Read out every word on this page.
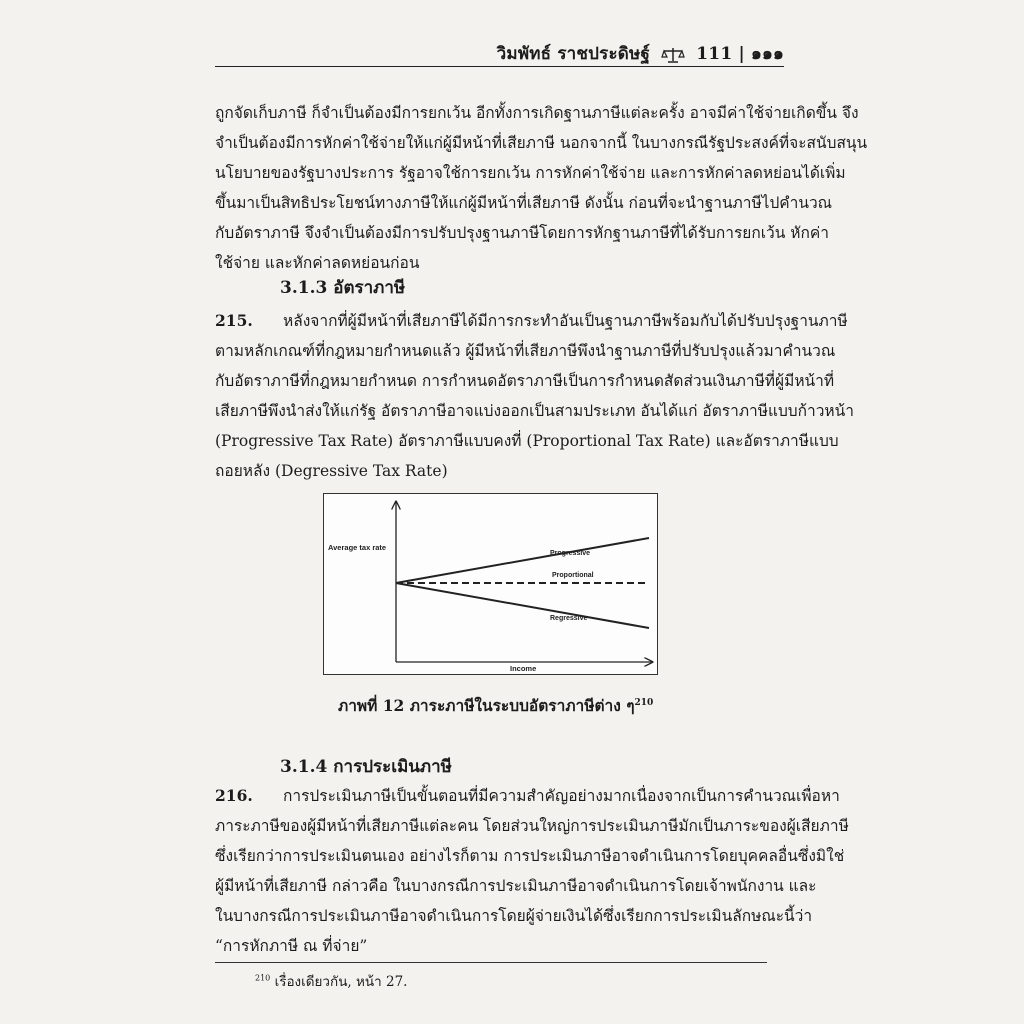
วิมพัทธ์ ราชประดิษฐ์	111 | ๑๑๑
ถูกจัดเก็บภาษี ก็จำเป็นต้องมีการยกเว้น อีกทั้งการเกิดฐานภาษีแต่ละครั้ง อาจมีค่าใช้จ่ายเกิดขึ้น จึง
จำเป็นต้องมีการหักค่าใช้จ่ายให้แก่ผู้มีหน้าที่เสียภาษี นอกจากนี้ ในบางกรณีรัฐประสงค์ที่จะสนับสนุน
นโยบายของรัฐบางประการ รัฐอาจใช้การยกเว้น การหักค่าใช้จ่าย และการหักค่าลดหย่อนได้เพิ่ม
ขึ้นมาเป็นสิทธิประโยชน์ทางภาษีให้แก่ผู้มีหน้าที่เสียภาษี ดังนั้น ก่อนที่จะนำฐานภาษีไปคำนวณ
กับอัตราภาษี จึงจำเป็นต้องมีการปรับปรุงฐานภาษีโดยการหักฐานภาษีที่ได้รับการยกเว้น หักค่า
ใช้จ่าย และหักค่าลดหย่อนก่อน
3.1.3 อัตราภาษี
215. หลังจากที่ผู้มีหน้าที่เสียภาษีได้มีการกระทำอันเป็นฐานภาษีพร้อมกับได้ปรับปรุงฐานภาษี
ตามหลักเกณฑ์ที่กฎหมายกำหนดแล้ว ผู้มีหน้าที่เสียภาษีพึงนำฐานภาษีที่ปรับปรุงแล้วมาคำนวณ
กับอัตราภาษีที่กฎหมายกำหนด การกำหนดอัตราภาษีเป็นการกำหนดสัดส่วนเงินภาษีที่ผู้มีหน้าที่
เสียภาษีพึงนำส่งให้แก่รัฐ อัตราภาษีอาจแบ่งออกเป็นสามประเภท อันได้แก่ อัตราภาษีแบบก้าวหน้า
(Progressive Tax Rate) อัตราภาษีแบบคงที่ (Proportional Tax Rate) และอัตราภาษีแบบ
ถอยหลัง (Degressive Tax Rate)
Average tax rate
Progressive
Proportional
Regressive
Income
ภาพที่ 12 ภาระภาษีในระบบอัตราภาษีต่าง ๆ$^{210}$
3.1.4 การประเมินภาษี
216. การประเมินภาษีเป็นขั้นตอนที่มีความสำคัญอย่างมากเนื่องจากเป็นการคำนวณเพื่อหา
ภาระภาษีของผู้มีหน้าที่เสียภาษีแต่ละคน โดยส่วนใหญ่การประเมินภาษีมักเป็นภาระของผู้เสียภาษี
ซึ่งเรียกว่าการประเมินตนเอง อย่างไรก็ตาม การประเมินภาษีอาจดำเนินการโดยบุคคลอื่นซึ่งมิใช่
ผู้มีหน้าที่เสียภาษี กล่าวคือ ในบางกรณีการประเมินภาษีอาจดำเนินการโดยเจ้าพนักงาน และ
ในบางกรณีการประเมินภาษีอาจดำเนินการโดยผู้จ่ายเงินได้ซึ่งเรียกการประเมินลักษณะนี้ว่า
“การหักภาษี ณ ที่จ่าย”
$^{210}$ เรื่องเดียวกัน, หน้า 27.
